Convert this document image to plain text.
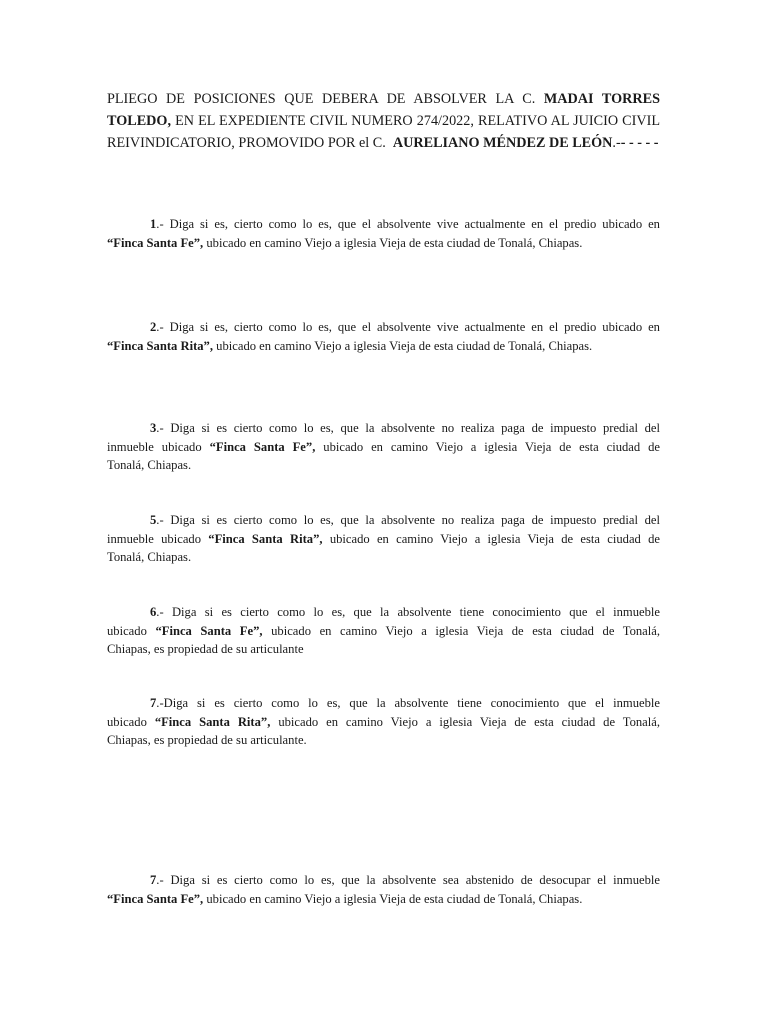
PLIEGO DE POSICIONES QUE DEBERA DE ABSOLVER LA C. MADAI TORRES
TOLEDO, EN EL EXPEDIENTE CIVIL NUMERO 274/2022, RELATIVO AL JUICIO CIVIL
REIVINDICATORIO, PROMOVIDO POR el C. AURELIANO MÉNDEZ DE LEÓN.-- - - - -
1.- Diga si es, cierto como lo es, que el absolvente vive actualmente en el predio ubicado en
“Finca Santa Fe”, ubicado en camino Viejo a iglesia Vieja de esta ciudad de Tonalá, Chiapas.
2.- Diga si es, cierto como lo es, que el absolvente vive actualmente en el predio ubicado en
“Finca Santa Rita”, ubicado en camino Viejo a iglesia Vieja de esta ciudad de Tonalá, Chiapas.
3.- Diga si es cierto como lo es, que la absolvente no realiza paga de impuesto predial del
inmueble ubicado “Finca Santa Fe”, ubicado en camino Viejo a iglesia Vieja de esta ciudad de
Tonalá, Chiapas.
5.- Diga si es cierto como lo es, que la absolvente no realiza paga de impuesto predial del
inmueble ubicado “Finca Santa Rita”, ubicado en camino Viejo a iglesia Vieja de esta ciudad de
Tonalá, Chiapas.
6.- Diga si es cierto como lo es, que la absolvente tiene conocimiento que el inmueble
ubicado “Finca Santa Fe”, ubicado en camino Viejo a iglesia Vieja de esta ciudad de Tonalá,
Chiapas, es propiedad de su articulante
7.-Diga si es cierto como lo es, que la absolvente tiene conocimiento que el inmueble
ubicado “Finca Santa Rita”, ubicado en camino Viejo a iglesia Vieja de esta ciudad de Tonalá,
Chiapas, es propiedad de su articulante.
7.- Diga si es cierto como lo es, que la absolvente sea abstenido de desocupar el inmueble
“Finca Santa Fe”, ubicado en camino Viejo a iglesia Vieja de esta ciudad de Tonalá, Chiapas.
